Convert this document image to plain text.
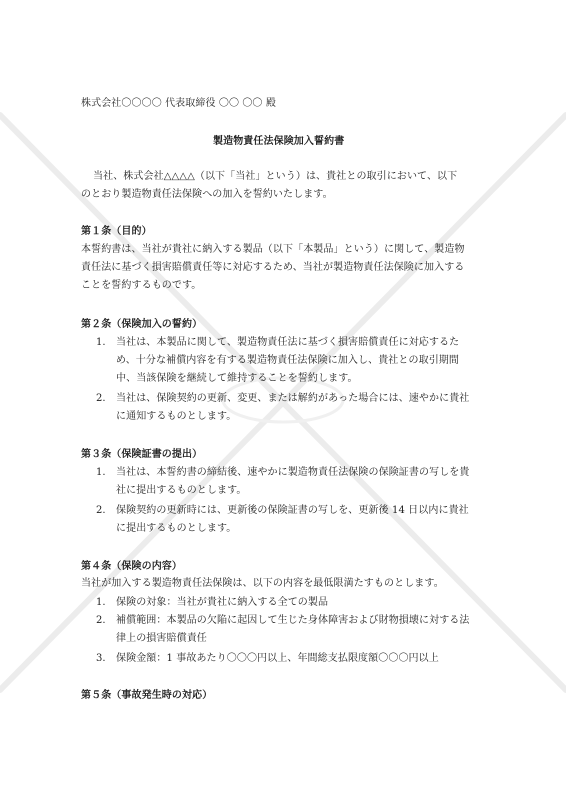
株式会社〇〇〇〇 代表取締役 〇〇 〇〇 殿
製造物責任法保険加入誓約書
当社、株式会社△△△△（以下「当社」という）は、貴社との取引において、以下
のとおり製造物責任法保険への加入を誓約いたします。
第１条（目的）
本誓約書は、当社が貴社に納入する製品（以下「本製品」という）に関して、製造物
責任法に基づく損害賠償責任等に対応するため、当社が製造物責任法保険に加入する
ことを誓約するものです。
第２条（保険加入の誓約）
1. 当社は、本製品に関して、製造物責任法に基づく損害賠償責任に対応するた
め、十分な補償内容を有する製造物責任法保険に加入し、貴社との取引期間
中、当該保険を継続して維持することを誓約します。
2. 当社は、保険契約の更新、変更、または解約があった場合には、速やかに貴社
に通知するものとします。
第３条（保険証書の提出）
1. 当社は、本誓約書の締結後、速やかに製造物責任法保険の保険証書の写しを貴
社に提出するものとします。
2. 保険契約の更新時には、更新後の保険証書の写しを、更新後 14 日以内に貴社
に提出するものとします。
第４条（保険の内容）
当社が加入する製造物責任法保険は、以下の内容を最低限満たすものとします。
1. 保険の対象：当社が貴社に納入する全ての製品
2. 補償範囲：本製品の欠陥に起因して生じた身体障害および財物損壊に対する法
律上の損害賠償責任
3. 保険金額：1 事故あたり〇〇〇円以上、年間総支払限度額〇〇〇円以上
第５条（事故発生時の対応）
